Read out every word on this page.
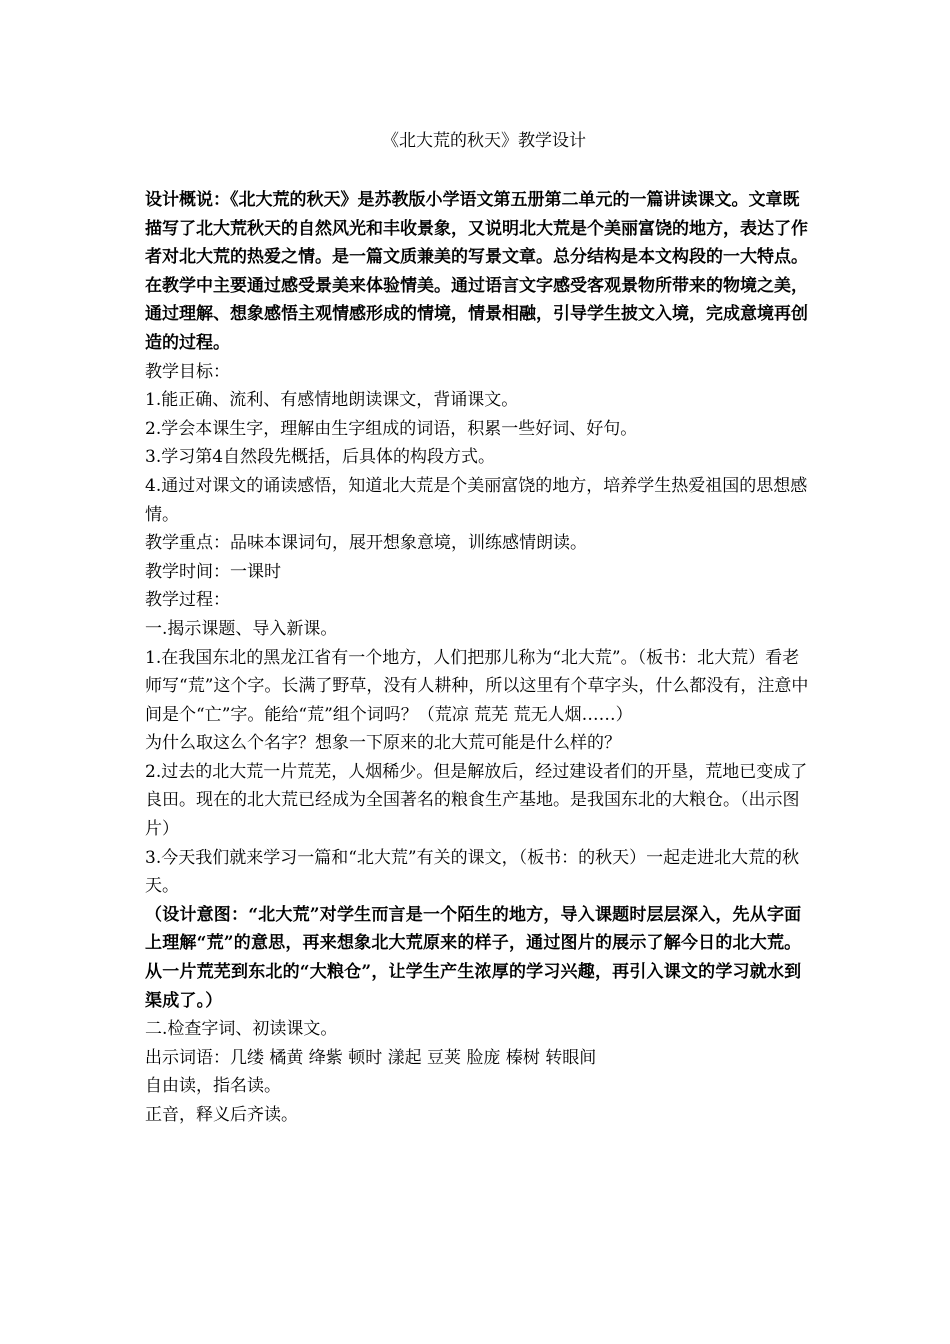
《北大荒的秋天》教学设计

设计概说：《北大荒的秋天》是苏教版小学语文第五册第二单元的一篇讲读课文。文章既描写了北大荒秋天的自然风光和丰收景象，又说明北大荒是个美丽富饶的地方，表达了作者对北大荒的热爱之情。是一篇文质兼美的写景文章。总分结构是本文构段的一大特点。在教学中主要通过感受景美来体验情美。通过语言文字感受客观景物所带来的物境之美，通过理解、想象感悟主观情感形成的情境，情景相融，引导学生披文入境，完成意境再创造的过程。

教学目标：

1.能正确、流利、有感情地朗读课文，背诵课文。

2.学会本课生字，理解由生字组成的词语，积累一些好词、好句。

3.学习第4自然段先概括，后具体的构段方式。

4.通过对课文的诵读感悟，知道北大荒是个美丽富饶的地方，培养学生热爱祖国的思想感情。

教学重点：品味本课词句，展开想象意境，训练感情朗读。

教学时间：一课时

教学过程：

一.揭示课题、导入新课。

1.在我国东北的黑龙江省有一个地方，人们把那儿称为“北大荒”。（板书：北大荒）看老师写“荒”这个字。长满了野草，没有人耕种，所以这里有个草字头，什么都没有，注意中间是个“亡”字。能给“荒”组个词吗？（荒凉 荒芜 荒无人烟……）

为什么取这么个名字？想象一下原来的北大荒可能是什么样的？

2.过去的北大荒一片荒芜，人烟稀少。但是解放后，经过建设者们的开垦，荒地已变成了良田。现在的北大荒已经成为全国著名的粮食生产基地。是我国东北的大粮仓。（出示图片）

3.今天我们就来学习一篇和“北大荒”有关的课文，（板书：的秋天）一起走进北大荒的秋天。

（设计意图：“北大荒”对学生而言是一个陌生的地方，导入课题时层层深入，先从字面上理解“荒”的意思，再来想象北大荒原来的样子，通过图片的展示了解今日的北大荒。从一片荒芜到东北的“大粮仓”，让学生产生浓厚的学习兴趣，再引入课文的学习就水到渠成了。）

二.检查字词、初读课文。

出示词语：几缕 橘黄 绛紫 顿时 漾起 豆荚 脸庞 榛树 转眼间

自由读，指名读。

正音，释义后齐读。
